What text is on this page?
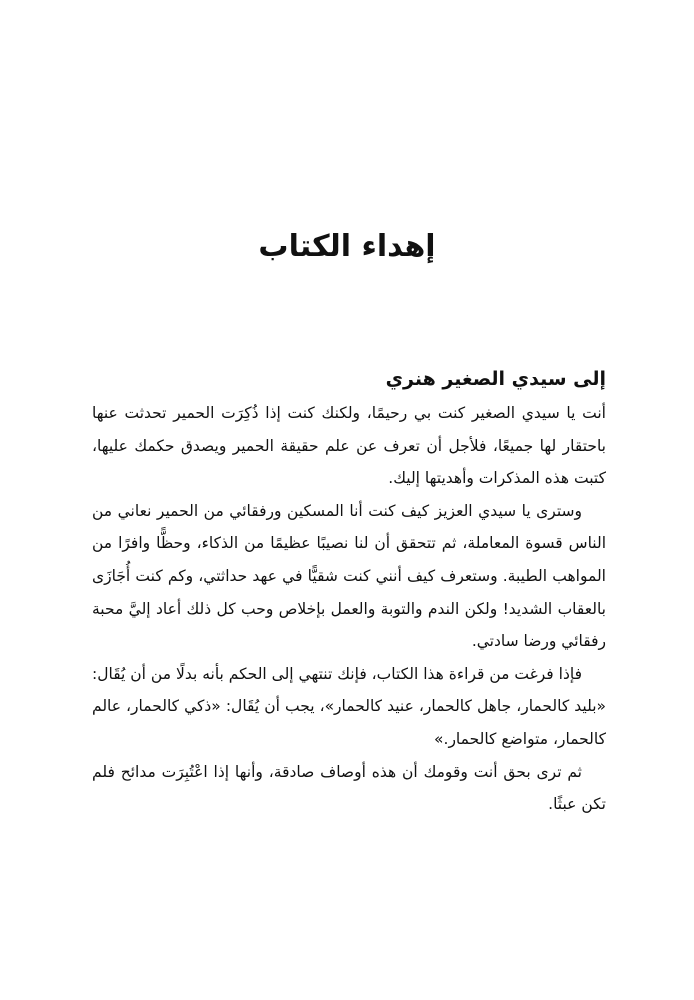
إهداء الكتاب
إلى سيدي الصغير هنري

أنت يا سيدي الصغير كنت بي رحيمًا، ولكنك كنت إذا ذُكِرَت الحمير تحدثت عنها باحتقار لها جميعًا، فلأجل أن تعرف عن علم حقيقة الحمير ويصدق حكمك عليها، كتبت هذه المذكرات وأهديتها إليك.

وسترى يا سيدي العزيز كيف كنت أنا المسكين ورفقائي من الحمير نعاني من الناس قسوة المعاملة، ثم تتحقق أن لنا نصيبًا عظيمًا من الذكاء، وحظًّا وافرًا من المواهب الطيبة. وستعرف كيف أنني كنت شقيًّا في عهد حداثتي، وكم كنت أُجَازَى بالعقاب الشديد! ولكن الندم والتوبة والعمل بإخلاص وحب كل ذلك أعاد إليَّ محبة رفقائي ورضا سادتي.

فإذا فرغت من قراءة هذا الكتاب، فإنك تنتهي إلى الحكم بأنه بدلًا من أن يُقَال: «بليد كالحمار، جاهل كالحمار، عنيد كالحمار»، يجب أن يُقَال: «ذكي كالحمار، عالم كالحمار، متواضع كالحمار.»

ثم ترى بحق أنت وقومك أن هذه أوصاف صادقة، وأنها إذا اعْتُبِرَت مدائح فلم تكن عبثًا.
